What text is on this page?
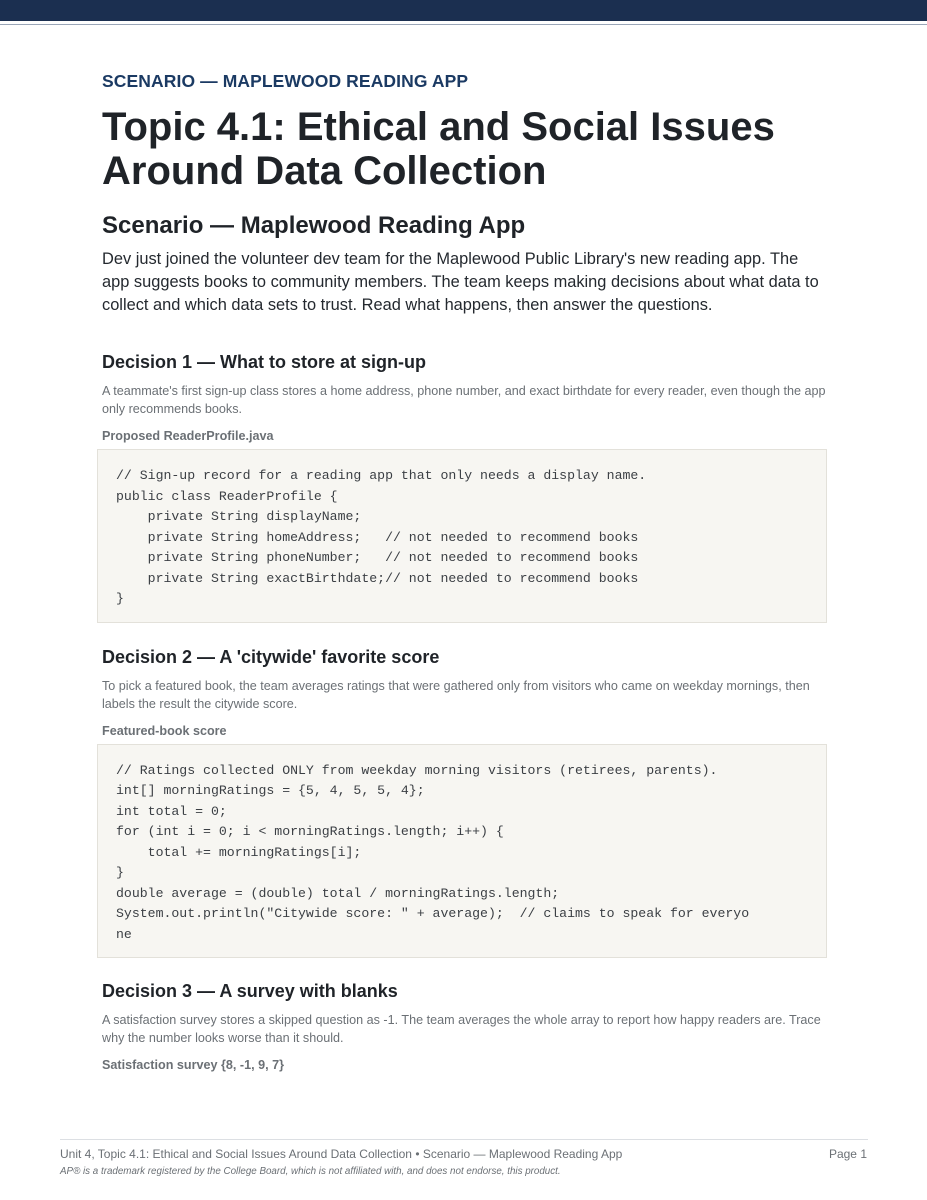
SCENARIO — MAPLEWOOD READING APP

Topic 4.1: Ethical and Social Issues Around Data Collection
Scenario — Maplewood Reading App

Dev just joined the volunteer dev team for the Maplewood Public Library's new reading app. The app suggests books to community members. The team keeps making decisions about what data to collect and which data sets to trust. Read what happens, then answer the questions.

Decision 1 — What to store at sign-up

A teammate's first sign-up class stores a home address, phone number, and exact birthdate for every reader, even though the app only recommends books.

Proposed ReaderProfile.java

// Sign-up record for a reading app that only needs a display name.
public class ReaderProfile {
private String displayName;
private String homeAddress;   // not needed to recommend books
private String phoneNumber;   // not needed to recommend books
private String exactBirthdate;// not needed to recommend books
}
Decision 2 — A 'citywide' favorite score

To pick a featured book, the team averages ratings that were gathered only from visitors who came on weekday mornings, then labels the result the citywide score.

Featured-book score

// Ratings collected ONLY from weekday morning visitors (retirees, parents).
int[] morningRatings = {5, 4, 5, 5, 4};
int total = 0;
for (int i = 0; i < morningRatings.length; i++) {
total += morningRatings[i];
}
double average = (double) total / morningRatings.length;
System.out.println("Citywide score: " + average);  // claims to speak for everyo
ne
Decision 3 — A survey with blanks

A satisfaction survey stores a skipped question as -1. The team averages the whole array to report how happy readers are. Trace why the number looks worse than it should.

Satisfaction survey {8, -1, 9, 7}

Unit 4, Topic 4.1: Ethical and Social Issues Around Data Collection • Scenario — Maplewood Reading App	Page 1

AP® is a trademark registered by the College Board, which is not affiliated with, and does not endorse, this product.
